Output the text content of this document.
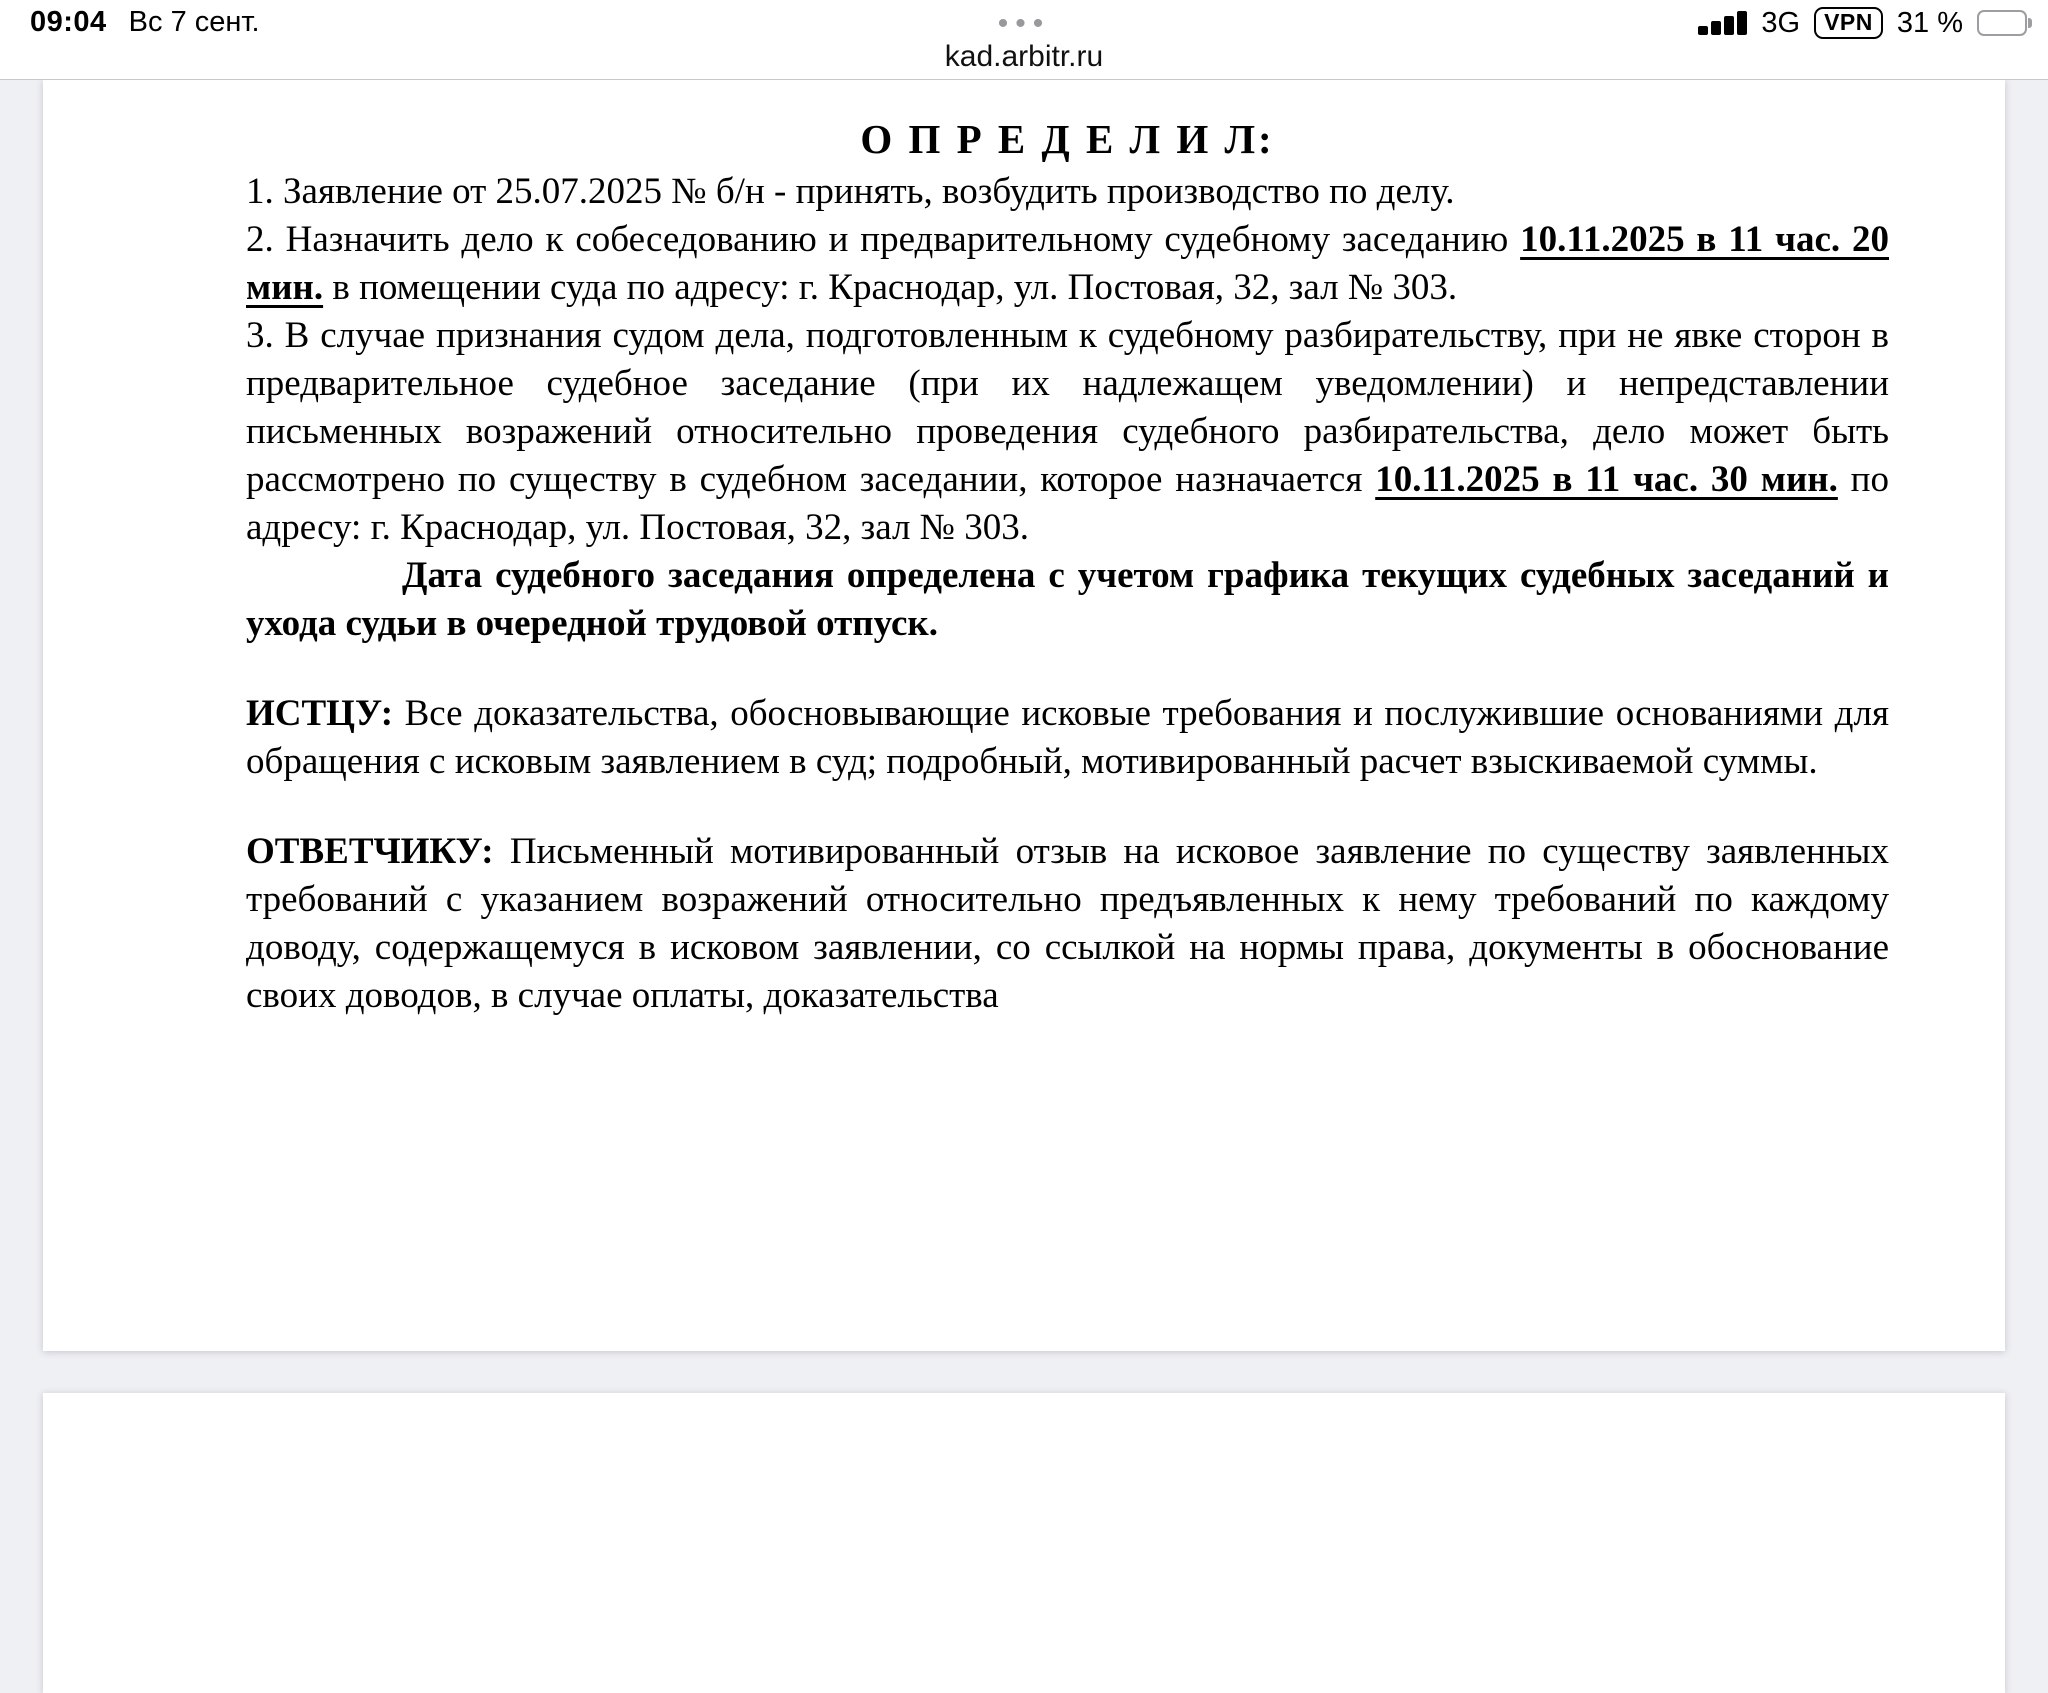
09:04 Вс 7 сент.	•••
kad.arbitr.ru
3G	VPN 31 %
О П Р Е Д Е Л И Л:

1. Заявление от 25.07.2025 № б/н - принять, возбудить производство по делу.

2. Назначить дело к собеседованию и предварительному судебному заседанию 10.11.2025 в 11 час. 20 мин. в помещении суда по адресу: г. Краснодар, ул. Постовая, 32, зал № 303.

3. В случае признания судом дела, подготовленным к судебному разбирательству, при не явке сторон в предварительное судебное заседание (при их надлежащем уведомлении) и непредставлении письменных возражений относительно проведения судебного разбирательства, дело может быть рассмотрено по существу в судебном заседании, которое назначается 10.11.2025 в 11 час. 30 мин. по адресу: г. Краснодар, ул. Постовая, 32, зал № 303.

Дата судебного заседания определена с учетом графика текущих судебных заседаний и ухода судьи в очередной трудовой отпуск.

ИСТЦУ: Все доказательства, обосновывающие исковые требования и послужившие основаниями для обращения с исковым заявлением в суд; подробный, мотивированный расчет взыскиваемой суммы.

ОТВЕТЧИКУ: Письменный мотивированный отзыв на исковое заявление по существу заявленных требований с указанием возражений относительно предъявленных к нему требований по каждому доводу, содержащемуся в исковом заявлении, со ссылкой на нормы права, документы в обоснование своих доводов, в случае оплаты, доказательства
